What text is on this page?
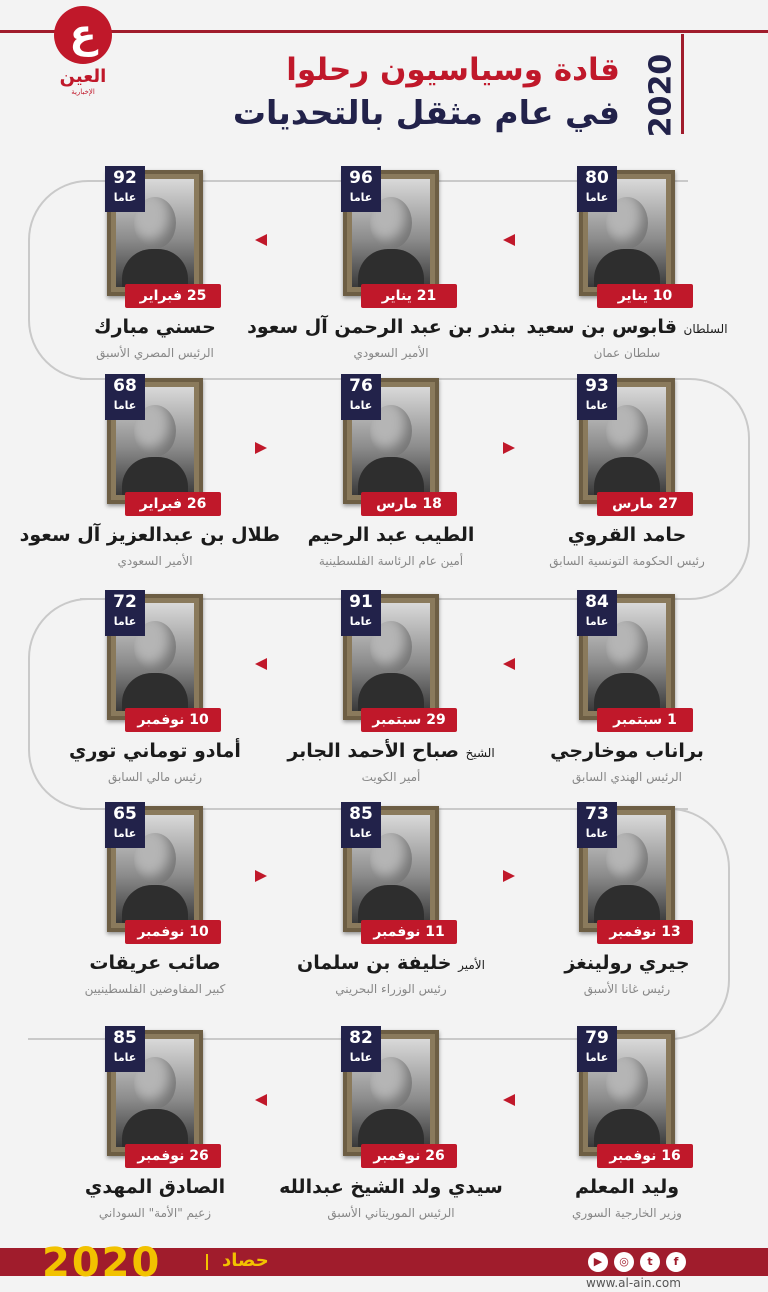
ع
العين
الإخبارية
قادة وسياسيون رحلوا
في عام مثقل بالتحديات 2020
80
عاما
10 يناير
السلطان قابوس بن سعيد
سلطان عمان
96
عاما
21 يناير
بندر بن عبد الرحمن آل سعود
الأمير السعودي
92
عاما
25 فبراير
حسني مبارك
الرئيس المصري الأسبق
93
عاما
27 مارس
حامد القروي
رئيس الحكومة التونسية السابق
76
عاما
18 مارس
الطيب عبد الرحيم
أمين عام الرئاسة الفلسطينية
68
عاما
26 فبراير
طلال بن عبدالعزيز آل سعود
الأمير السعودي
84
عاما
1 سبتمبر
براناب موخارجي
الرئيس الهندي السابق
91
عاما
29 سبتمبر
الشيخ صباح الأحمد الجابر
أمير الكويت
72
عاما
10 نوفمبر
أمادو توماني توري
رئيس مالي السابق
73
عاما
13 نوفمبر
جيري رولينغز
رئيس غانا الأسبق
85
عاما
11 نوفمبر
الأمير خليفة بن سلمان
رئيس الوزراء البحريني
65
عاما
10 نوفمبر
صائب عريقات
كبير المفاوضين الفلسطينيين
79
عاما
16 نوفمبر
وليد المعلم
وزير الخارجية السوري
82
عاما
26 نوفمبر
سيدي ولد الشيخ عبدالله
الرئيس الموريتاني الأسبق
85
عاما
26 نوفمبر
الصادق المهدي
زعيم "الأمة" السوداني
2020	حصاد	▶	◎	t	f
www.al-ain.com
